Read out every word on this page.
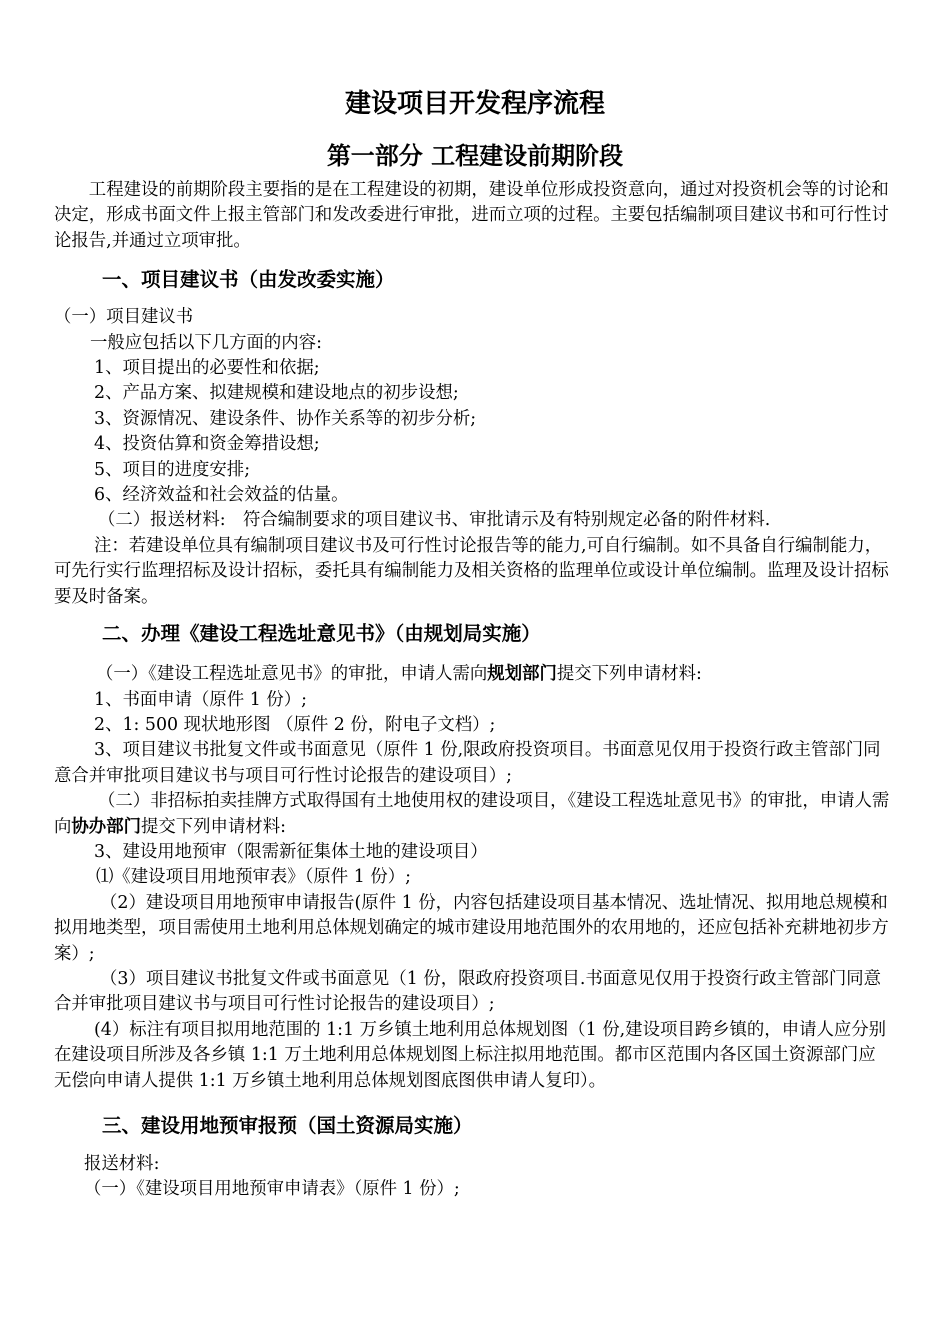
建设项目开发程序流程
第一部分 工程建设前期阶段

工程建设的前期阶段主要指的是在工程建设的初期，建设单位形成投资意向，通过对投资机会等的讨论和决定，形成书面文件上报主管部门和发改委进行审批，进而立项的过程。主要包括编制项目建议书和可行性讨论报告,并通过立项审批。

一、项目建议书（由发改委实施）

（一）项目建议书

一般应包括以下几方面的内容:

1、项目提出的必要性和依据;

2、产品方案、拟建规模和建设地点的初步设想;

3、资源情况、建设条件、协作关系等的初步分析;

4、投资估算和资金筹措设想;

5、项目的进度安排;

6、经济效益和社会效益的估量。

（二）报送材料:　符合编制要求的项目建议书、审批请示及有特别规定必备的附件材料.

注：若建设单位具有编制项目建议书及可行性讨论报告等的能力,可自行编制。如不具备自行编制能力，可先行实行监理招标及设计招标，委托具有编制能力及相关资格的监理单位或设计单位编制。监理及设计招标要及时备案。

二、办理《建设工程选址意见书》（由规划局实施）

（一）《建设工程选址意见书》的审批，申请人需向规划部门提交下列申请材料:

1、书面申请（原件 1 份）;

2、1: 500 现状地形图 （原件 2 份，附电子文档）;

3、项目建议书批复文件或书面意见（原件 1 份,限政府投资项目。书面意见仅用于投资行政主管部门同意合并审批项目建议书与项目可行性讨论报告的建设项目）;

（二）非招标拍卖挂牌方式取得国有土地使用权的建设项目，《建设工程选址意见书》的审批，申请人需向协办部门提交下列申请材料:

3、建设用地预审（限需新征集体土地的建设项目）

⑴《建设项目用地预审表》（原件 1 份）;

（2）建设项目用地预审申请报告(原件 1 份，内容包括建设项目基本情况、选址情况、拟用地总规模和拟用地类型，项目需使用土地利用总体规划确定的城市建设用地范围外的农用地的，还应包括补充耕地初步方案）;

（3）项目建议书批复文件或书面意见（1 份，限政府投资项目.书面意见仅用于投资行政主管部门同意合并审批项目建议书与项目可行性讨论报告的建设项目）;

(4）标注有项目拟用地范围的 1:1 万乡镇土地利用总体规划图（1 份,建设项目跨乡镇的，申请人应分别在建设项目所涉及各乡镇 1:1 万土地利用总体规划图上标注拟用地范围。都市区范围内各区国土资源部门应无偿向申请人提供 1:1 万乡镇土地利用总体规划图底图供申请人复印）。

三、建设用地预审报预（国土资源局实施）

报送材料:

（一）《建设项目用地预审申请表》（原件 1 份）;
